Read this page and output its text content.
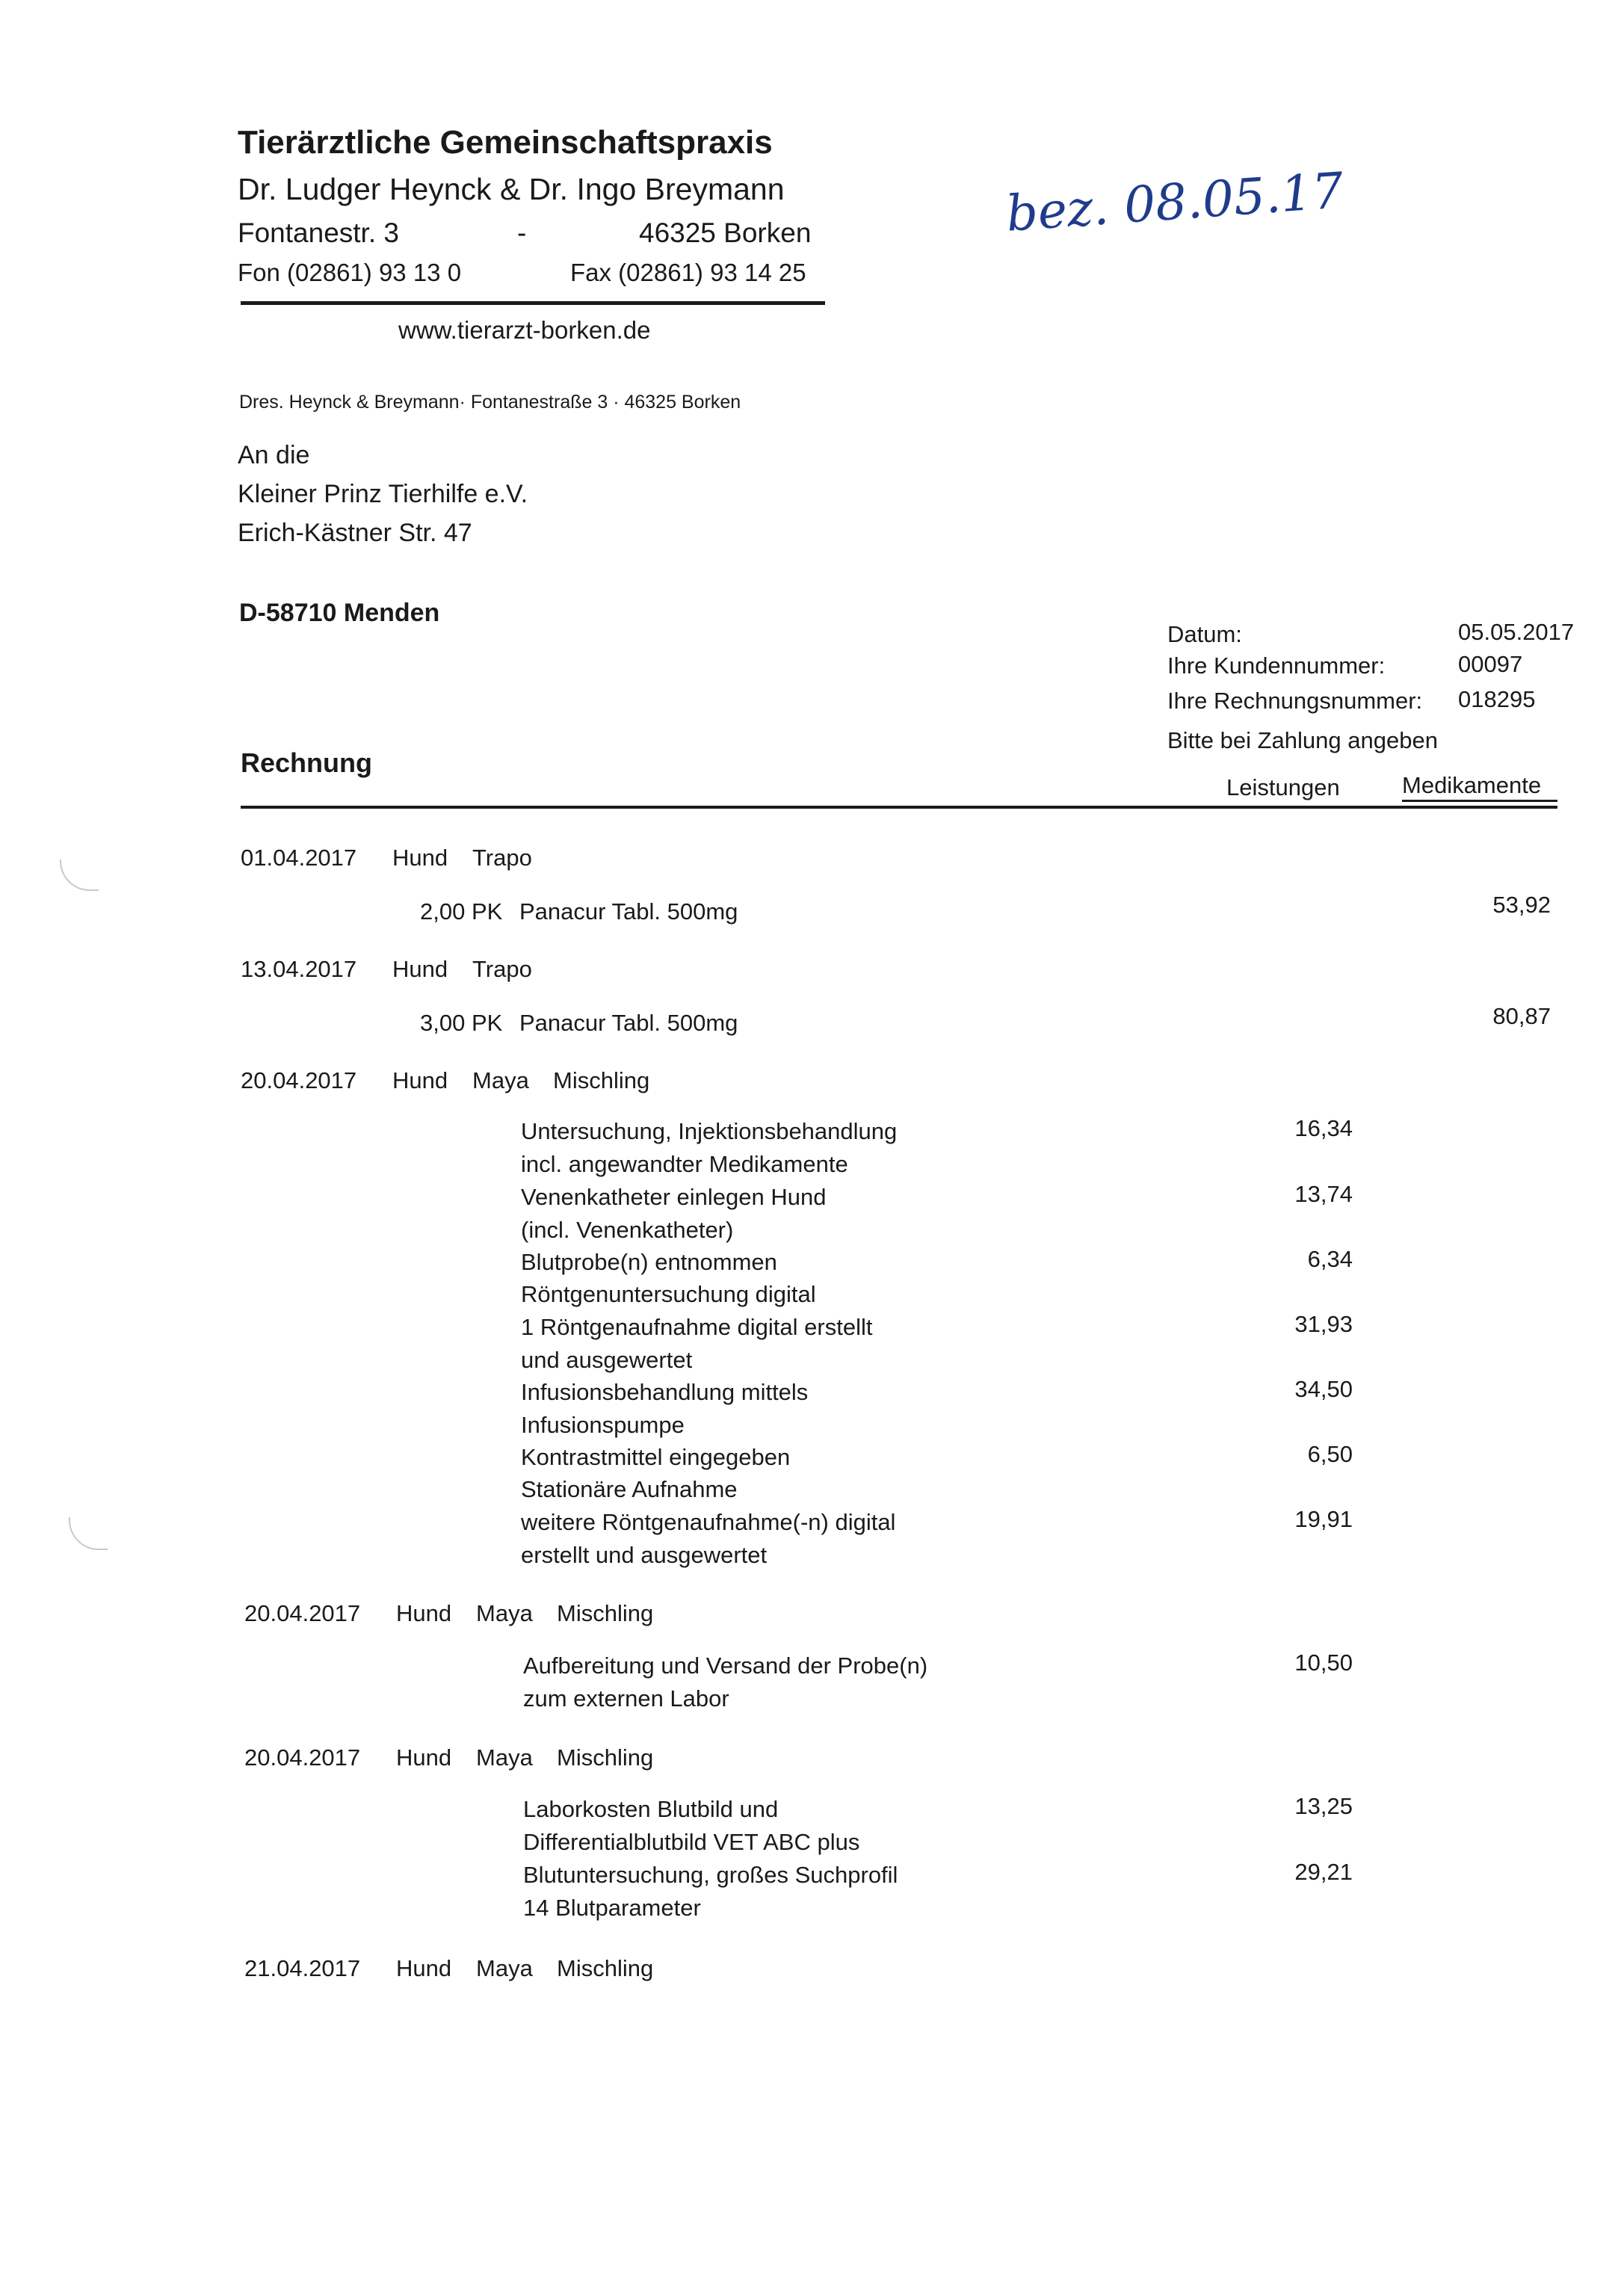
Tierärztliche Gemeinschaftspraxis
Dr. Ludger Heynck & Dr. Ingo Breymann
Fontanestr. 3	-	46325 Borken
Fon (02861) 93 13 0	Fax (02861) 93 14 25
www.tierarzt-borken.de
bez. 08.05.17
Dres. Heynck & Breymann· Fontanestraße 3 · 46325 Borken
An die
Kleiner Prinz Tierhilfe e.V.
Erich-Kästner Str. 47
D-58710 Menden
Datum:	05.05.2017
Ihre Kundennummer:	00097
Ihre Rechnungsnummer: 018295
Bitte bei Zahlung angeben
Rechnung
Leistungen	Medikamente
01.04.2017 Hund Trapo
2,00 PK Panacur Tabl. 500mg	53,92
13.04.2017 Hund Trapo
3,00 PK Panacur Tabl. 500mg	80,87
20.04.2017 Hund Maya Mischling
Untersuchung, Injektionsbehandlung
incl. angewandter Medikamente
16,34
Venenkatheter einlegen Hund
(incl. Venenkatheter)
13,74
Blutprobe(n) entnommen	6,34
Röntgenuntersuchung digital
1 Röntgenaufnahme digital erstellt
und ausgewertet
31,93
Infusionsbehandlung mittels
Infusionspumpe
34,50
Kontrastmittel eingegeben	6,50
Stationäre Aufnahme
weitere Röntgenaufnahme(-n) digital
erstellt und ausgewertet
19,91
20.04.2017 Hund Maya Mischling
Aufbereitung und Versand der Probe(n)
zum externen Labor
10,50
20.04.2017 Hund Maya Mischling
Laborkosten Blutbild und
Differentialblutbild VET ABC plus
13,25
Blutuntersuchung, großes Suchprofil
14 Blutparameter
29,21
21.04.2017 Hund Maya Mischling
